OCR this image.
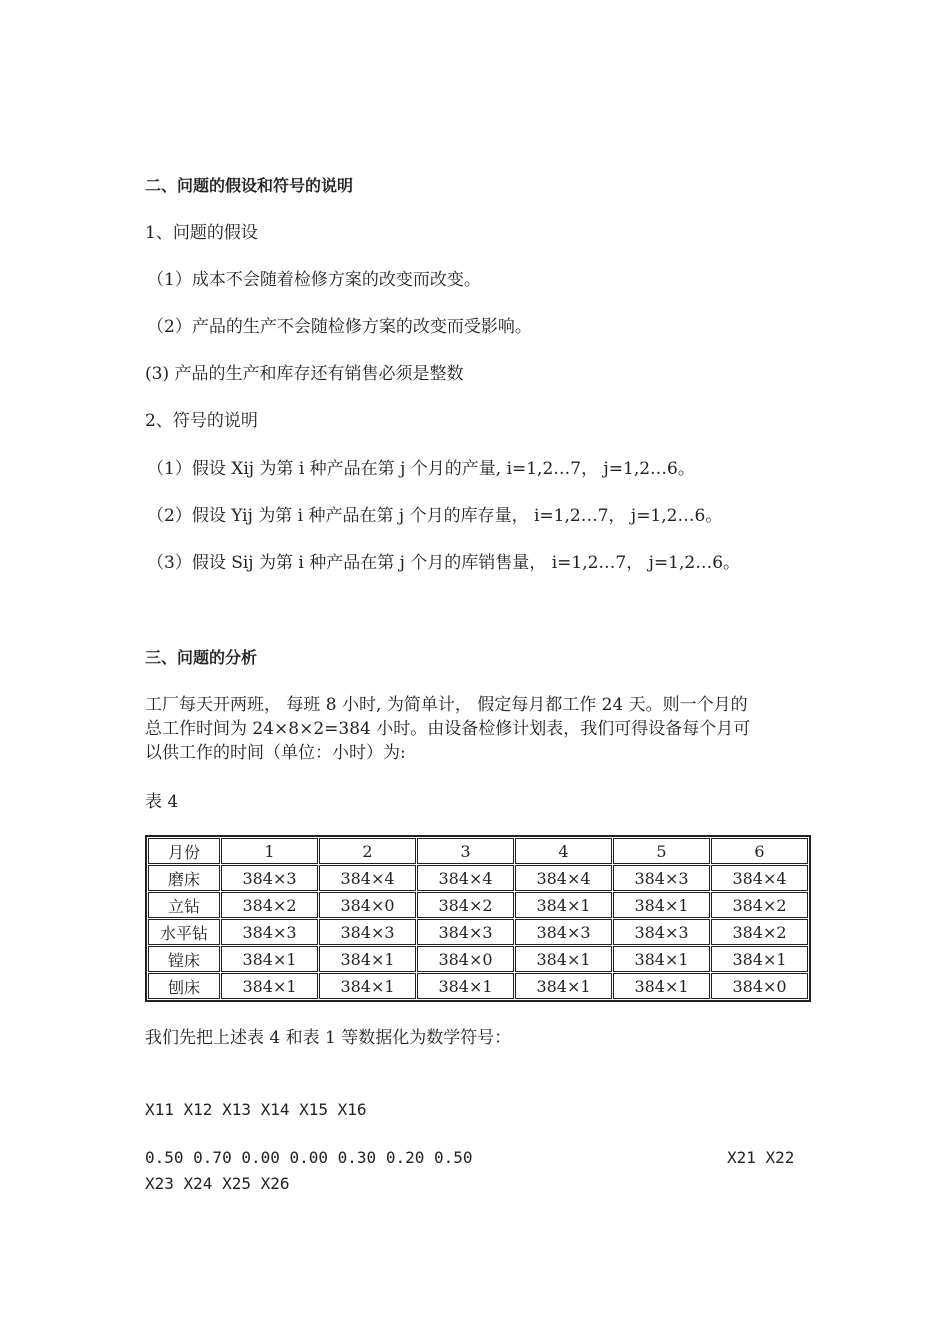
二、问题的假设和符号的说明
1、问题的假设
（1）成本不会随着检修方案的改变而改变。
（2）产品的生产不会随检修方案的改变而受影响。
(3) 产品的生产和库存还有销售必须是整数
2、符号的说明
（1）假设 Xij 为第 i 种产品在第 j 个月的产量, i=1,2…7， j=1,2…6。
（2）假设 Yij 为第 i 种产品在第 j 个月的库存量， i=1,2…7， j=1,2…6。
（3）假设 Sij 为第 i 种产品在第 j 个月的库销售量， i=1,2…7， j=1,2…6。
三、问题的分析
工厂每天开两班， 每班 8 小时, 为简单计， 假定每月都工作 24 天。则一个月的
总工作时间为 24×8×2=384 小时。由设备检修计划表，我们可得设备每个月可
以供工作的时间（单位：小时）为:
表 4
月份	1	2	3	4	5	6
磨床	384×3	384×4	384×4	384×4	384×3	384×4
立钻	384×2	384×0	384×2	384×1	384×1	384×2
水平钻	384×3	384×3	384×3	384×3	384×3	384×2
镗床	384×1	384×1	384×0	384×1	384×1	384×1
刨床	384×1	384×1	384×1	384×1	384×1	384×0
我们先把上述表 4 和表 1 等数据化为数学符号：
X11 X12 X13 X14 X15 X16
0.50 0.70 0.00 0.00 0.30 0.20 0.50	X21 X22
X23 X24 X25 X26
